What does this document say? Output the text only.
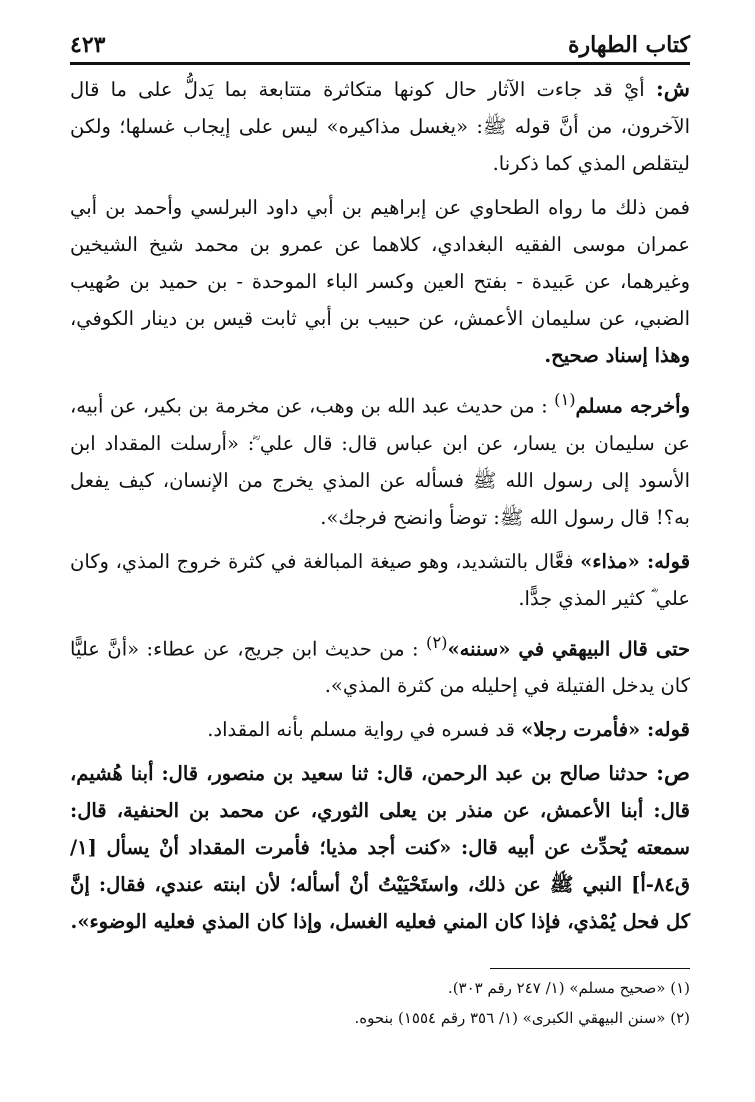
كتاب الطهارة
٤٢٣

ش: أيْ قد جاءت الآثار حال كونها متكاثرة متتابعة بما يَدلُّ على ما قال الآخرون، من أنَّ قوله ﷺ: «يغسل مذاكيره» ليس على إيجاب غسلها؛ ولكن ليتقلص المذي كما ذكرنا.

فمن ذلك ما رواه الطحاوي عن إبراهيم بن أبي داود البرلسي وأحمد بن أبي عمران موسى الفقيه البغدادي، كلاهما عن عمرو بن محمد شيخ الشيخين وغيرهما، عن عَبيدة - بفتح العين وكسر الباء الموحدة - بن حميد بن صُهيب الضبي، عن سليمان الأعمش، عن حبيب بن أبي ثابت قيس بن دينار الكوفي، وهذا إسناد صحيح.

وأخرجه مسلم$^{(١)}$ : من حديث عبد الله بن وهب، عن مخرمة بن بكير، عن أبيه، عن سليمان بن يسار، عن ابن عباس قال: قال علي ؓ: «أرسلت المقداد ابن الأسود إلى رسول الله ﷺ فسأله عن المذي يخرج من الإنسان، كيف يفعل به؟! قال رسول الله ﷺ: توضأ وانضح فرجك».

قوله: «مذاء» فعَّال بالتشديد، وهو صيغة المبالغة في كثرة خروج المذي، وكان علي ؓ كثير المذي جدًّا.

حتى قال البيهقي في «سننه»$^{(٢)}$ : من حديث ابن جريج، عن عطاء: «أنَّ عليًّا كان يدخل الفتيلة في إحليله من كثرة المذي».

قوله: «فأمرت رجلا» قد فسره في رواية مسلم بأنه المقداد.

ص: حدثنا صالح بن عبد الرحمن، قال: ثنا سعيد بن منصور، قال: أبنا هُشيم، قال: أبنا الأعمش، عن منذر بن يعلى الثوري، عن محمد بن الحنفية، قال: سمعته يُحدِّث عن أبيه قال: «كنت أجد مذيا؛ فأمرت المقداد أنْ يسأل [١/ ق٨٤-أ] النبي ﷺ عن ذلك، واستَحْيَيْتُ أنْ أسأله؛ لأن ابنته عندي، فقال: إنَّ كل فحل يُمْذي، فإذا كان المني فعليه الغسل، وإذا كان المذي فعليه الوضوء».

(١) «صحيح مسلم» (١/ ٢٤٧ رقم ٣٠٣).
(٢) «سنن البيهقي الكبرى» (١/ ٣٥٦ رقم ١٥٥٤) بنحوه.
